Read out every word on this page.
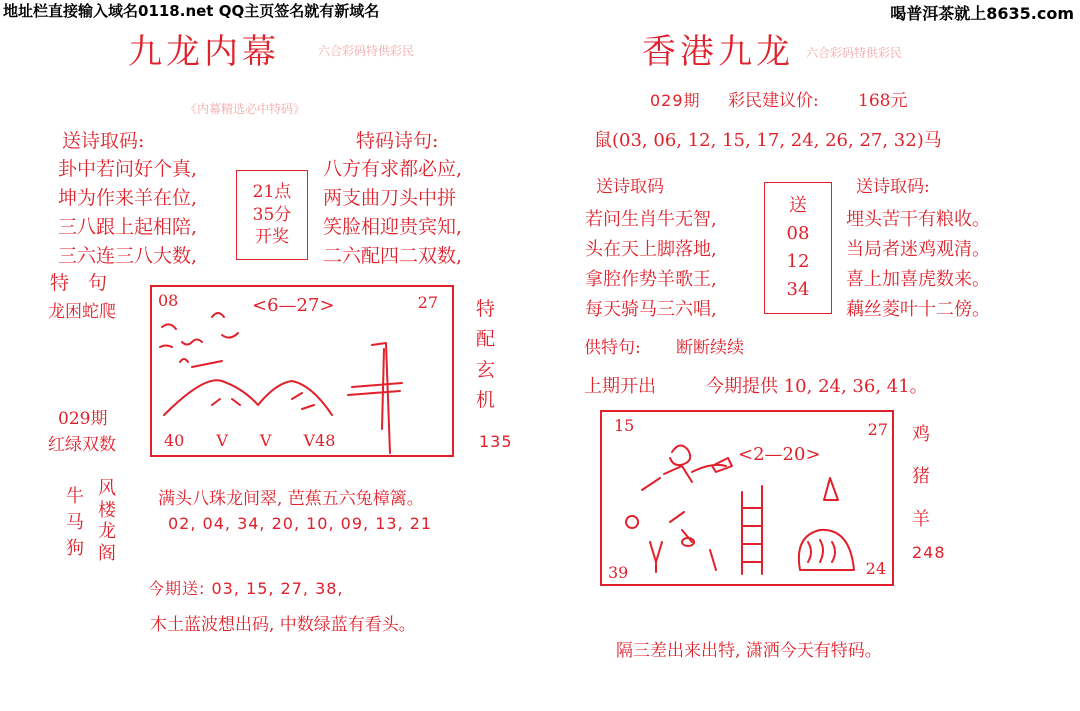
地址栏直接输入域名0118.net QQ主页签名就有新域名	喝普洱茶就上8635.com
九龙内幕	六合彩码特供彩民
《内幕精选必中特码》
送诗取码:
卦中若问好个真,
坤为作来羊在位,
三八跟上起相陪,
三六连三八大数,
21点
35分
开奖
特码诗句:
八方有求都必应,
两支曲刀头中拼
笑脸相迎贵宾知,
二六配四二双数,
特　句
龙困蛇爬
08	27
<6—27>
40　　V　　V　　V48
特
配
玄
机
029期
红绿双数	135
牛
马
狗
风
楼
龙
阁
满头八珠龙间翠, 芭蕉五六兔樟篱。
02, 04, 34, 20, 10, 09, 13, 21
今期送: 03, 15, 27, 38,
木土蓝波想出码, 中数绿蓝有看头。
香港九龙 六合彩码特供彩民
029期 彩民建议价: 168元
鼠(03, 06, 12, 15, 17, 24, 26, 27, 32)马
送诗取码	送诗取码:
若问生肖牛无智,
头在天上脚落地,
拿腔作势羊歌王,
每天骑马三六唱,
送
08
12
34
埋头苦干有粮收。
当局者迷鸡观清。
喜上加喜虎数来。
藕丝菱叶十二傍。
供特句: 断断续续
上期开出	今期提供 10, 24, 36, 41。
15	27
<2—20>
39	24
鸡
猪
羊
248
隔三差出来出特, 潇洒今天有特码。
